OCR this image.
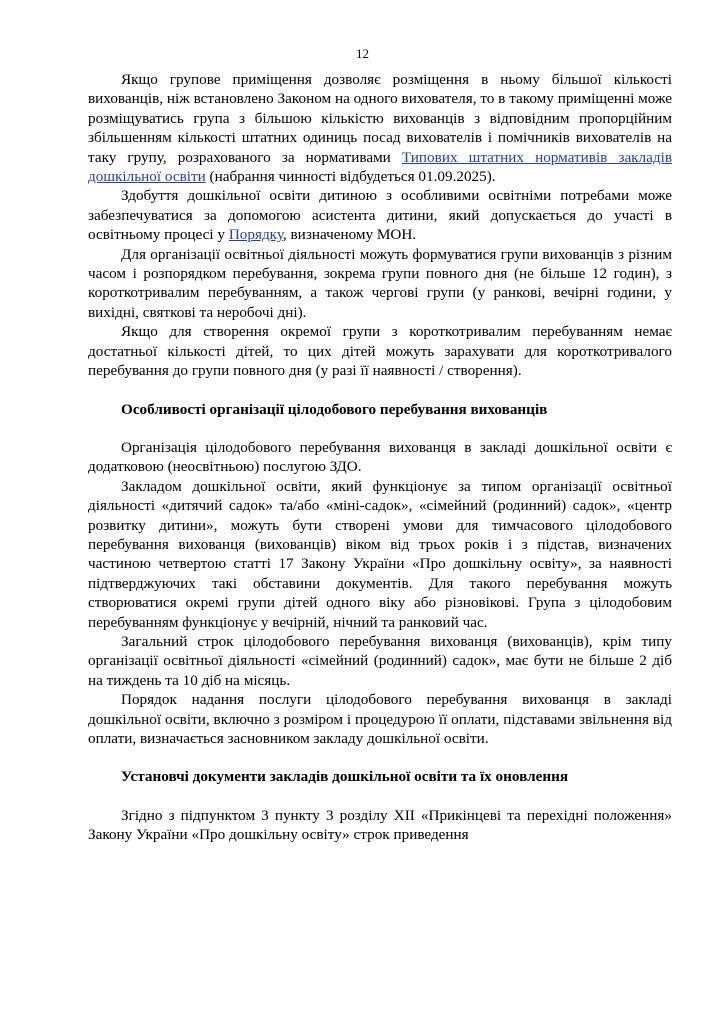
12

Якщо групове приміщення дозволяє розміщення в ньому більшої кількості вихованців, ніж встановлено Законом на одного вихователя, то в такому приміщенні може розміщуватись група з більшою кількістю вихованців з відповідним пропорційним збільшенням кількості штатних одиниць посад вихователів і помічників вихователів на таку групу, розрахованого за нормативами Типових штатних нормативів закладів дошкільної освіти (набрання чинності відбудеться 01.09.2025).

Здобуття дошкільної освіти дитиною з особливими освітніми потребами може забезпечуватися за допомогою асистента дитини, який допускається до участі в освітньому процесі у Порядку, визначеному МОН.

Для організації освітньої діяльності можуть формуватися групи вихованців з різним часом і розпорядком перебування, зокрема групи повного дня (не більше 12 годин), з короткотривалим перебуванням, а також чергові групи (у ранкові, вечірні години, у вихідні, святкові та неробочі дні).

Якщо для створення окремої групи з короткотривалим перебуванням немає достатньої кількості дітей, то цих дітей можуть зарахувати для короткотривалого перебування до групи повного дня (у разі її наявності / створення).

Особливості організації цілодобового перебування вихованців

Організація цілодобового перебування вихованця в закладі дошкільної освіти є додатковою (неосвітньою) послугою ЗДО.

Закладом дошкільної освіти, який функціонує за типом організації освітньої діяльності «дитячий садок» та/або «міні-садок», «сімейний (родинний) садок», «центр розвитку дитини», можуть бути створені умови для тимчасового цілодобового перебування вихованця (вихованців) віком від трьох років і з підстав, визначених частиною четвертою статті 17 Закону України «Про дошкільну освіту», за наявності підтверджуючих такі обставини документів. Для такого перебування можуть створюватися окремі групи дітей одного віку або різновікові. Група з цілодобовим перебуванням функціонує у вечірній, нічний та ранковий час.

Загальний строк цілодобового перебування вихованця (вихованців), крім типу організації освітньої діяльності «сімейний (родинний) садок», має бути не більше 2 діб на тиждень та 10 діб на місяць.

Порядок надання послуги цілодобового перебування вихованця в закладі дошкільної освіти, включно з розміром і процедурою її оплати, підставами звільнення від оплати, визначається засновником закладу дошкільної освіти.

Установчі документи закладів дошкільної освіти та їх оновлення

Згідно з підпунктом 3 пункту 3 розділу XII «Прикінцеві та перехідні положення» Закону України «Про дошкільну освіту» строк приведення
